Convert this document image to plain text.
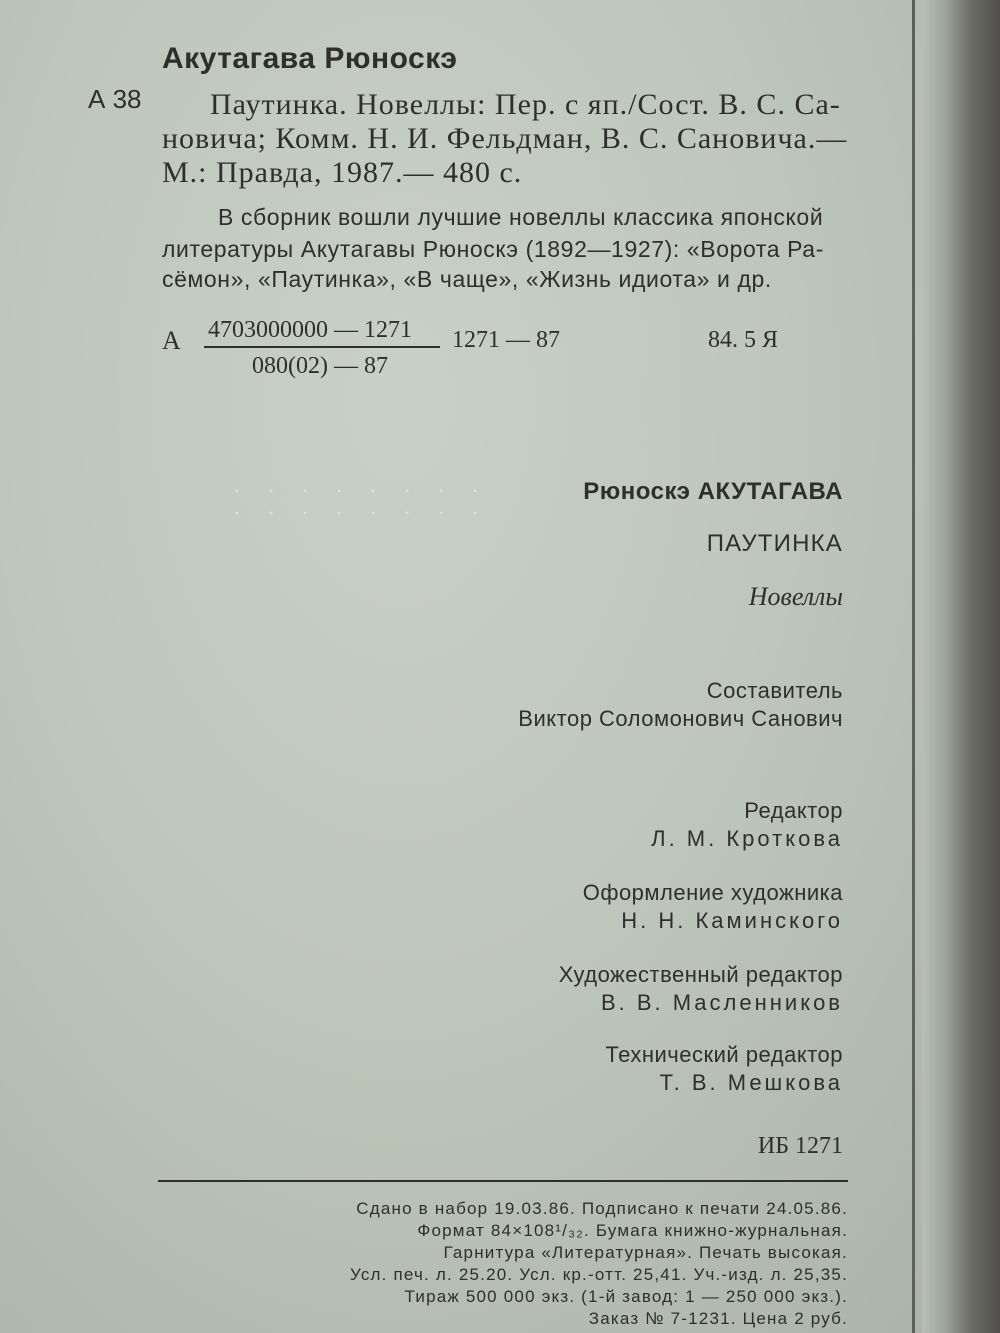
Акутагава Рюноскэ
А 38 Паутинка. Новеллы: Пер. с яп./Сост. В. С. Са-
новича; Комм. Н. И. Фельдман, В. С. Сановича.—
М.: Правда, 1987.— 480 с.
В сборник вошли лучшие новеллы классика японской
литературы Акутагавы Рюноскэ (1892—1927): «Ворота Ра-
сёмон», «Паутинка», «В чаще», «Жизнь идиота» и др.
А 4703000000 — 1271
080(02) — 87
1271 — 87	84. 5 Я
Рюноскэ АКУТАГАВА
ПАУТИНКА
Новеллы
Составитель
Виктор Соломонович Санович
Редактор
Л. М. Кроткова
Оформление художника
Н. Н. Каминского
Художественный редактор
В. В. Масленников
Технический редактор
Т. В. Мешкова
ИБ 1271
Сдано в набор 19.03.86. Подписано к печати 24.05.86.
Формат 84×108¹/₃₂. Бумага книжно-журнальная.
Гарнитура «Литературная». Печать высокая.
Усл. печ. л. 25.20. Усл. кр.-отт. 25,41. Уч.-изд. л. 25,35.
Тираж 500 000 экз. (1-й завод: 1 — 250 000 экз.).
Заказ № 7-1231. Цена 2 руб.
